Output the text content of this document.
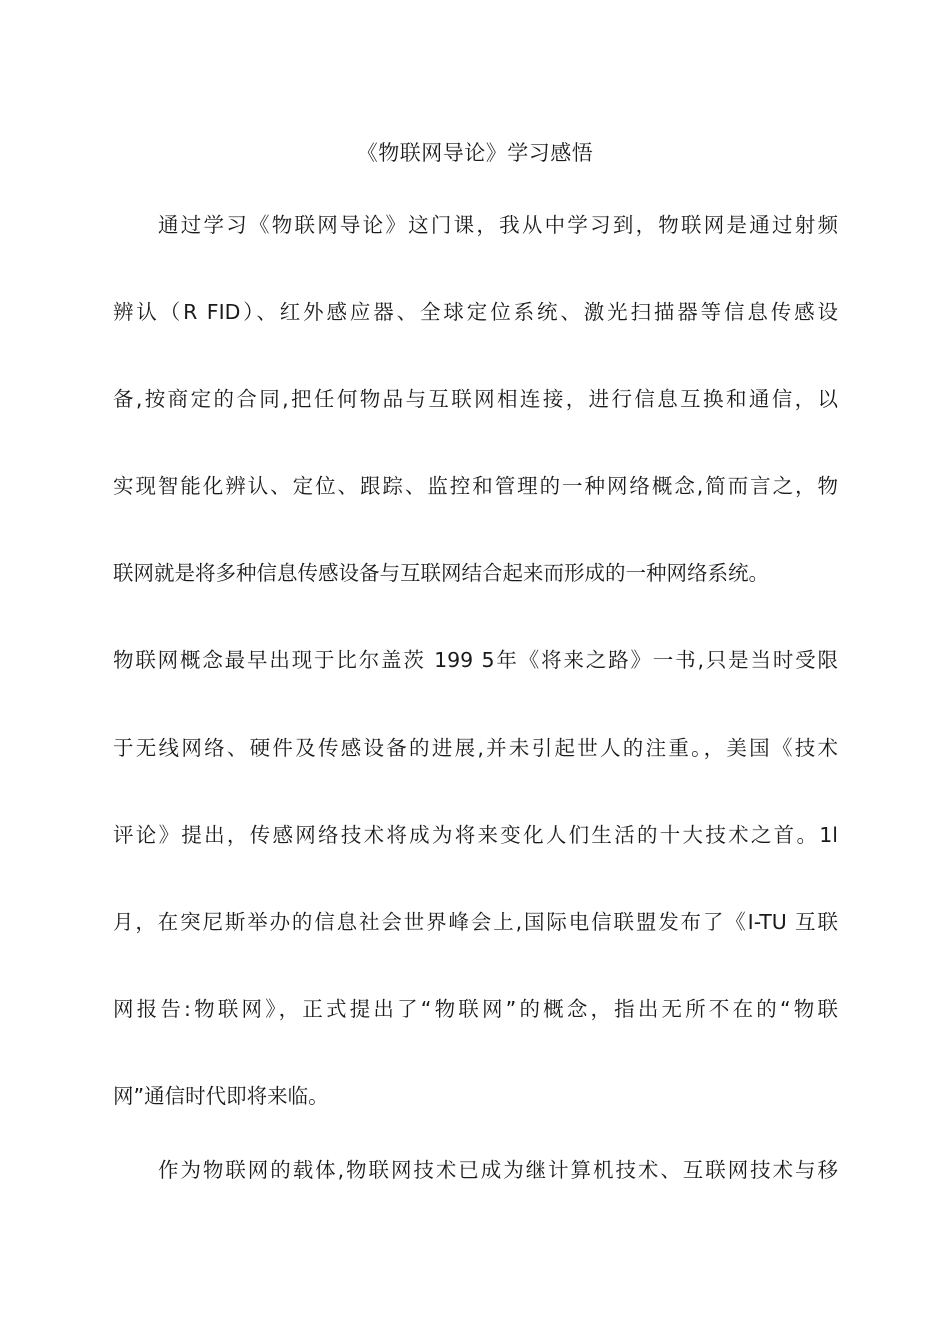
《物联网导论》学习感悟
通过学习《物联网导论》这门课，我从中学习到，物联网是通过射频
辨认（R FID）、红外感应器、全球定位系统、激光扫描器等信息传感设
备,按商定的合同,把任何物品与互联网相连接，进行信息互换和通信，以
实现智能化辨认、定位、跟踪、监控和管理的一种网络概念,简而言之，物
联网就是将多种信息传感设备与互联网结合起来而形成的一种网络系统。
物联网概念最早出现于比尔盖茨 199 5年《将来之路》一书,只是当时受限
于无线网络、硬件及传感设备的进展,并未引起世人的注重。，美国《技术
评论》提出，传感网络技术将成为将来变化人们生活的十大技术之首。1l
月，在突尼斯举办的信息社会世界峰会上,国际电信联盟发布了《I-TU 互联
网报告:物联网》，正式提出了“物联网”的概念，指出无所不在的“物联
网”通信时代即将来临。
作为物联网的载体,物联网技术已成为继计算机技术、互联网技术与移
